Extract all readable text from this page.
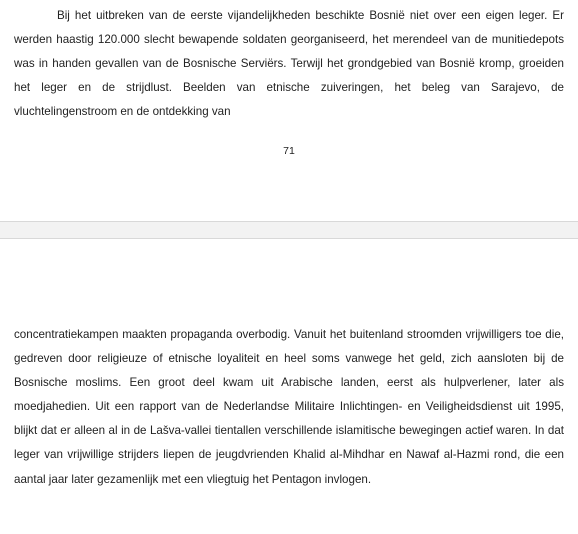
Bij het uitbreken van de eerste vijandelijkheden beschikte Bosnië niet over een eigen leger. Er werden haastig 120.000 slecht bewapende soldaten georganiseerd, het merendeel van de munitiedepots was in handen gevallen van de Bosnische Serviërs. Terwijl het grondgebied van Bosnië kromp, groeiden het leger en de strijdlust. Beelden van etnische zuiveringen, het beleg van Sarajevo, de vluchtelingenstroom en de ontdekking van

71

concentratiekampen maakten propaganda overbodig. Vanuit het buitenland stroomden vrijwilligers toe die, gedreven door religieuze of etnische loyaliteit en heel soms vanwege het geld, zich aansloten bij de Bosnische moslims. Een groot deel kwam uit Arabische landen, eerst als hulpverlener, later als moedjahedien. Uit een rapport van de Nederlandse Militaire Inlichtingen- en Veiligheidsdienst uit 1995, blijkt dat er alleen al in de Lašva-vallei tientallen verschillende islamitische bewegingen actief waren. In dat leger van vrijwillige strijders liepen de jeugdvrienden Khalid al-Mihdhar en Nawaf al-Hazmi rond, die een aantal jaar later gezamenlijk met een vliegtuig het Pentagon invlogen.
